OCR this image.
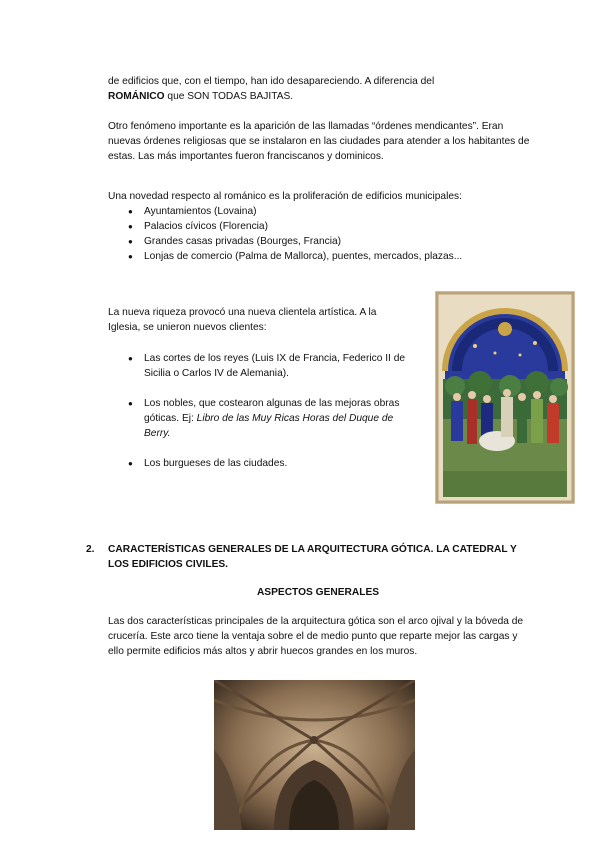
de edificios que, con el tiempo, han ido desapareciendo. A diferencia del

ROMÁNICO que SON TODAS BAJITAS.

Otro fenómeno importante es la aparición de las llamadas “órdenes mendicantes”. Eran nuevas órdenes religiosas que se instalaron en las ciudades para atender a los habitantes de estas. Las más importantes fueron franciscanos y dominicos.

Una novedad respecto al románico es la proliferación de edificios municipales:

● Ayuntamientos (Lovaina)
● Palacios cívicos (Florencia)
● Grandes casas privadas (Bourges, Francia)
● Lonjas de comercio (Palma de Mallorca), puentes, mercados, plazas...

La nueva riqueza provocó una nueva clientela artística. A la Iglesia, se unieron nuevos clientes:

● Las cortes de los reyes (Luis IX de Francia, Federico II de Sicilia o Carlos IV de Alemania).
● Los nobles, que costearon algunas de las mejoras obras góticas. Ej: Libro de las Muy Ricas Horas del Duque de Berry.
● Los burgueses de las ciudades.
2.	CARACTERÍSTICAS GENERALES DE LA ARQUITECTURA GÓTICA. LA CATEDRAL Y LOS EDIFICIOS CIVILES.
ASPECTOS GENERALES

Las dos características principales de la arquitectura gótica son el arco ojival y la bóveda de crucería. Este arco tiene la ventaja sobre el de medio punto que reparte mejor las cargas y ello permite edificios más altos y abrir huecos grandes en los muros.
